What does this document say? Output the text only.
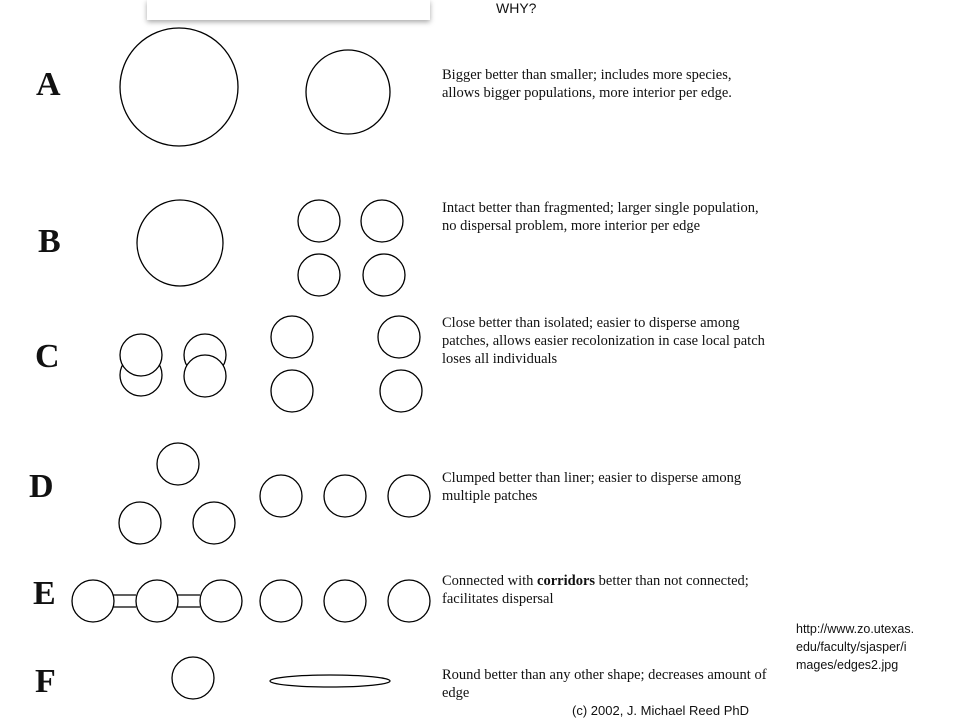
WHY?
A
B
C
D
E
F
Bigger better than smaller; includes more species, allows bigger populations, more interior per edge.
Intact better than fragmented; larger single population, no dispersal problem, more interior per edge
Close better than isolated; easier to disperse among patches, allows easier recolonization in case local patch loses all individuals
Clumped better than liner; easier to disperse among multiple patches
Connected with corridors better than not connected; facilitates dispersal
Round better than any other shape; decreases amount of edge
http://www.zo.utexas.edu/faculty/sjasper/images/edges2.jpg
(c) 2002, J. Michael Reed PhD
